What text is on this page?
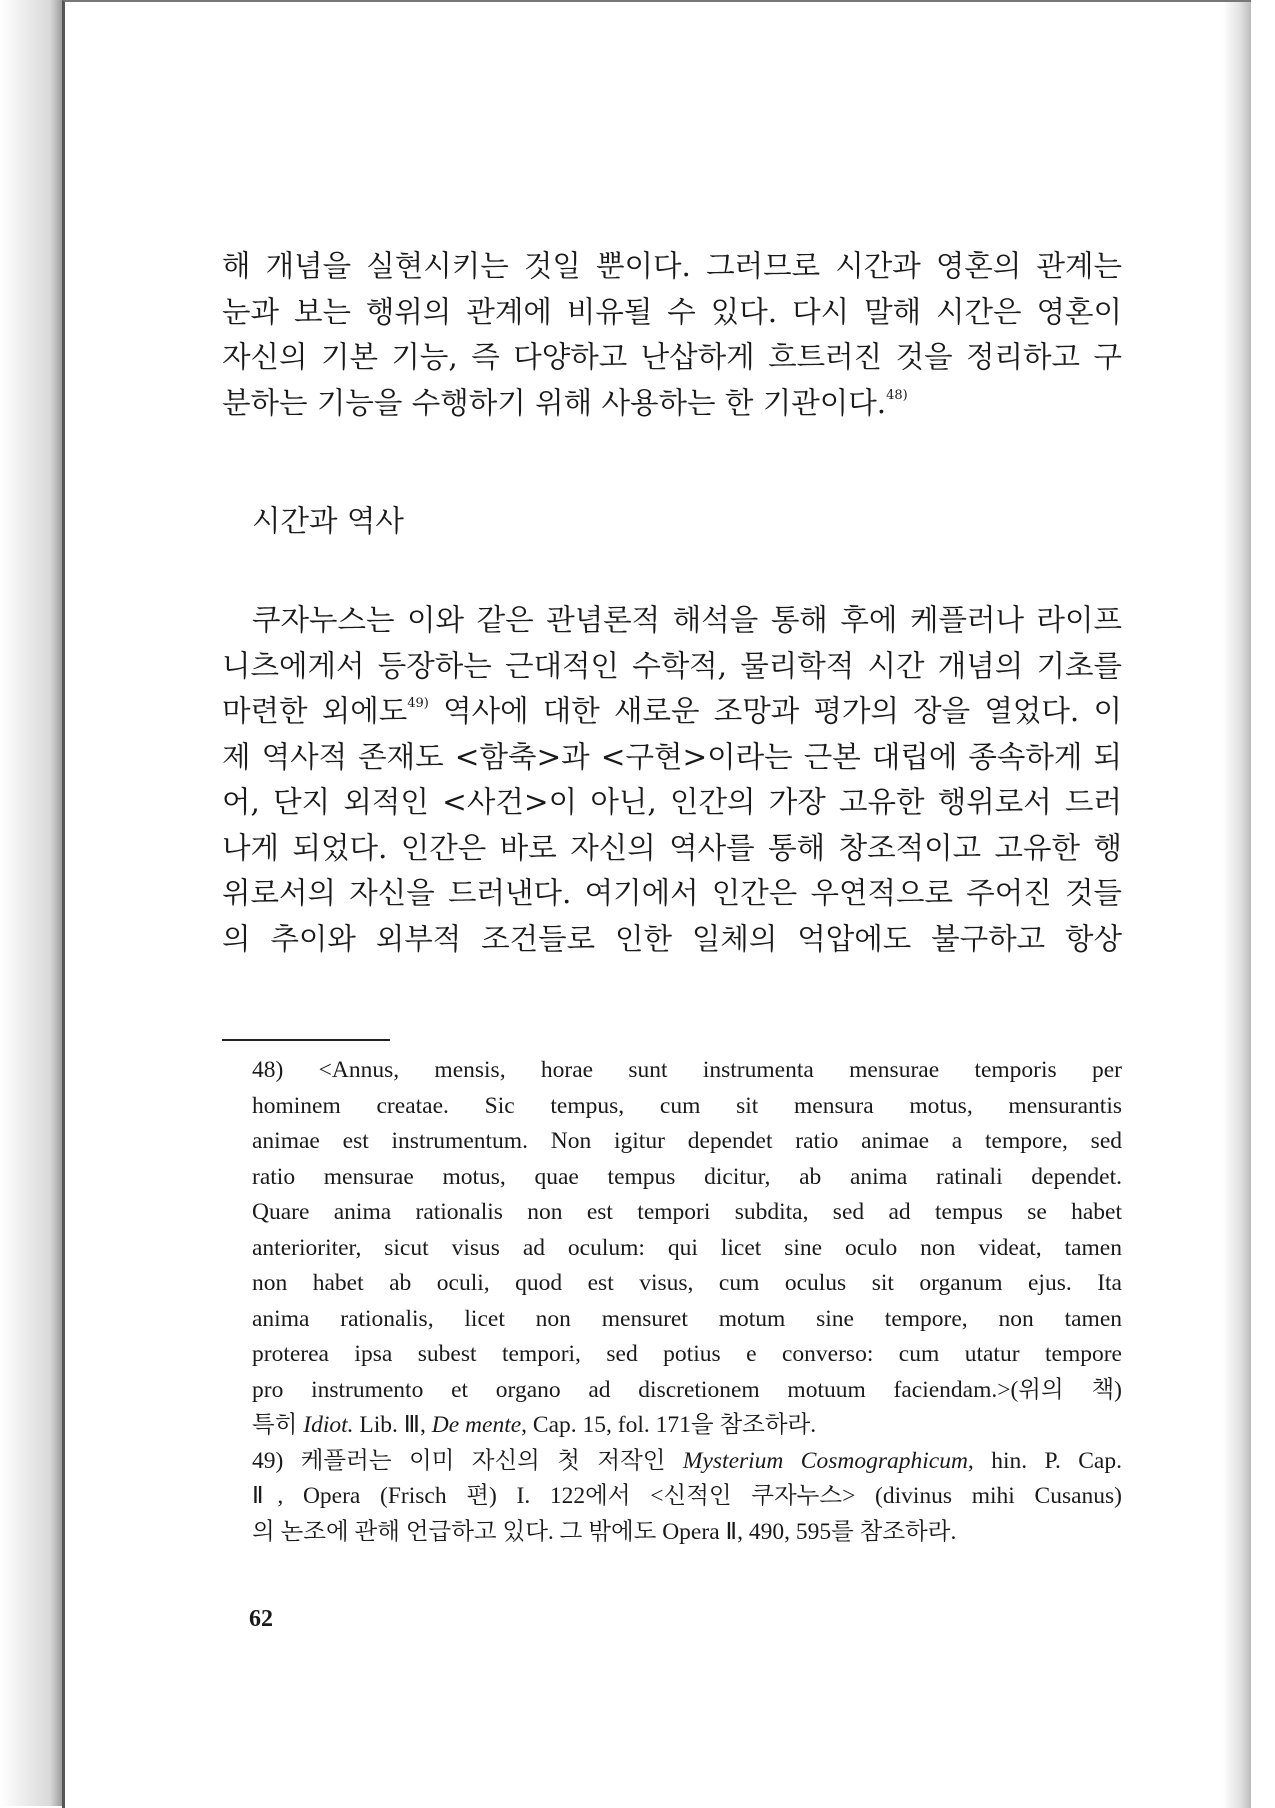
해 개념을 실현시키는 것일 뿐이다. 그러므로 시간과 영혼의 관계는

눈과 보는 행위의 관계에 비유될 수 있다. 다시 말해 시간은 영혼이

자신의 기본 기능, 즉 다양하고 난삽하게 흐트러진 것을 정리하고 구

분하는 기능을 수행하기 위해 사용하는 한 기관이다.$^{48)}$

시간과 역사

쿠자누스는 이와 같은 관념론적 해석을 통해 후에 케플러나 라이프

니츠에게서 등장하는 근대적인 수학적, 물리학적 시간 개념의 기초를

마련한 외에도$^{49)}$ 역사에 대한 새로운 조망과 평가의 장을 열었다. 이

제 역사적 존재도 <함축>과 <구현>이라는 근본 대립에 종속하게 되

어, 단지 외적인 <사건>이 아닌, 인간의 가장 고유한 행위로서 드러

나게 되었다. 인간은 바로 자신의 역사를 통해 창조적이고 고유한 행

위로서의 자신을 드러낸다. 여기에서 인간은 우연적으로 주어진 것들

의 추이와 외부적 조건들로 인한 일체의 억압에도 불구하고 항상

48) <Annus, mensis, horae sunt instrumenta mensurae temporis per
hominem creatae. Sic tempus, cum sit mensura motus, mensurantis
animae est instrumentum. Non igitur dependet ratio animae a tempore, sed
ratio mensurae motus, quae tempus dicitur, ab anima ratinali dependet.
Quare anima rationalis non est tempori subdita, sed ad tempus se habet
anterioriter, sicut visus ad oculum: qui licet sine oculo non videat, tamen
non habet ab oculi, quod est visus, cum oculus sit organum ejus. Ita
anima rationalis, licet non mensuret motum sine tempore, non tamen
proterea ipsa subest tempori, sed potius e converso: cum utatur tempore
pro instrumento et organo ad discretionem motuum faciendam.>(위의 책)
특히 Idiot. Lib. Ⅲ, De mente, Cap. 15, fol. 171을 참조하라.
49) 케플러는 이미 자신의 첫 저작인 Mysterium Cosmographicum, hin. P. Cap.
Ⅱ, Opera (Frisch 편) I. 122에서 <신적인 쿠자누스> (divinus mihi Cusanus)
의 논조에 관해 언급하고 있다. 그 밖에도 Opera Ⅱ, 490, 595를 참조하라.
62
